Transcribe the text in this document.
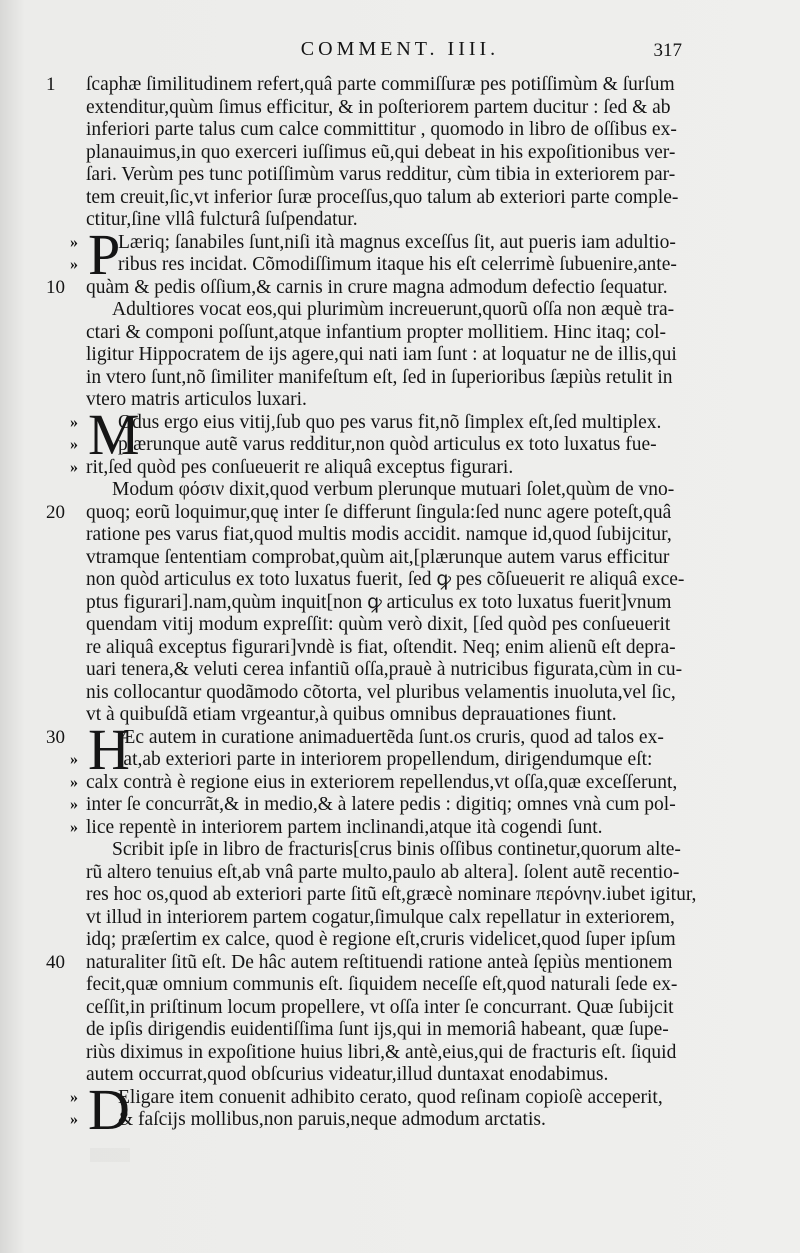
COMMENT. IIII.	317
ſcaphæ ſimilitudinem refert,quâ parte commiſſuræ pes potiſſimùm & ſurſum
1
extenditur,quùm ſimus efficitur, & in poſteriorem partem ducitur : ſed & ab
inferiori parte talus cum calce committitur , quomodo in libro de oſſibus ex-
planauimus,in quo exerceri iuſſimus eũ,qui debeat in his expoſitionibus ver-
ſari. Verùm pes tunc potiſſimùm varus redditur, cùm tibia in exteriorem par-
tem creuit,ſic,vt inferior ſuræ proceſſus,quo talum ab exteriori parte comple-
ctitur,ſine vllâ fulcturâ ſuſpendatur.
Læriq; ſanabiles ſunt,niſi ità magnus exceſſus ſit, aut pueris iam adultio-
» P
ribus res incidat. Cõmodiſſimum itaque his eſt celerrimè ſubuenire,ante-
»
quàm & pedis oſſium,& carnis in crure magna admodum defectio ſequatur.
10
Adultiores vocat eos,qui plurimùm increuerunt,quorũ oſſa non æquè tra-
ctari & componi poſſunt,atque infantium propter mollitiem. Hinc itaq; col-
ligitur Hippocratem de ijs agere,qui nati iam ſunt : at loquatur ne de illis,qui
in vtero ſunt,nõ ſimiliter manifeſtum eſt, ſed in ſuperioribus ſæpiùs retulit in
vtero matris articulos luxari.
Odus ergo eius vitij,ſub quo pes varus fit,nõ ſimplex eſt,ſed multiplex.
» M
plærunque autẽ varus redditur,non quòd articulus ex toto luxatus fue-
»
rit,ſed quòd pes conſueuerit re aliquâ exceptus figurari.
»
Modum φόσιν dixit,quod verbum plerunque mutuari ſolet,quùm de vno-
quoq; eorũ loquimur,quę inter ſe differunt ſingula:ſed nunc agere poteſt,quâ
20
ratione pes varus fiat,quod multis modis accidit. namque id,quod ſubijcitur,
vtramque ſententiam comprobat,quùm ait,[plærunque autem varus efficitur
non quòd articulus ex toto luxatus fuerit, ſed ꝙ pes cõſueuerit re aliquâ exce-
ptus figurari].nam,quùm inquit[non ꝙ articulus ex toto luxatus fuerit]vnum
quendam vitij modum expreſſit: quùm verò dixit, [ſed quòd pes conſueuerit
re aliquâ exceptus figurari]vndè is fiat, oſtendit. Neq; enim alienũ eſt depra-
uari tenera,& veluti cerea infantiũ oſſa,prauè à nutricibus figurata,cùm in cu-
nis collocantur quodãmodo cõtorta, vel pluribus velamentis inuoluta,vel ſic,
vt à quibuſdã etiam vrgeantur,à quibus omnibus deprauationes fiunt.
Æc autem in curatione animaduertẽda ſunt.os cruris, quod ad talos ex-
30 H
tat,ab exteriori parte in interiorem propellendum, dirigendumque eſt:
»
calx contrà è regione eius in exteriorem repellendus,vt oſſa,quæ exceſſerunt,
»
inter ſe concurrãt,& in medio,& à latere pedis : digitiq; omnes vnà cum pol-
»
lice repentè in interiorem partem inclinandi,atque ità cogendi ſunt.
»
Scribit ipſe in libro de fracturis[crus binis oſſibus continetur,quorum alte-
rũ altero tenuius eſt,ab vnâ parte multo,paulo ab altera]. ſolent autẽ recentio-
res hoc os,quod ab exteriori parte ſitũ eſt,græcè nominare περόνην.iubet igitur,
vt illud in interiorem partem cogatur,ſimulque calx repellatur in exteriorem,
idq; præſertim ex calce, quod è regione eſt,cruris videlicet,quod ſuper ipſum
naturaliter ſitũ eſt. De hâc autem reſtituendi ratione anteà ſępiùs mentionem
40
fecit,quæ omnium communis eſt. ſiquidem neceſſe eſt,quod naturali ſede ex-
ceſſit,in priſtinum locum propellere, vt oſſa inter ſe concurrant. Quæ ſubijcit
de ipſis dirigendis euidentiſſima ſunt ijs,qui in memoriâ habeant, quæ ſupe-
riùs diximus in expoſitione huius libri,& antè,eius,qui de fracturis eſt. ſiquid
autem occurrat,quod obſcurius videatur,illud duntaxat enodabimus.
Eligare item conuenit adhibito cerato, quod reſinam copioſè acceperit,
» D
& faſcijs mollibus,non paruis,neque admodum arctatis.
»
